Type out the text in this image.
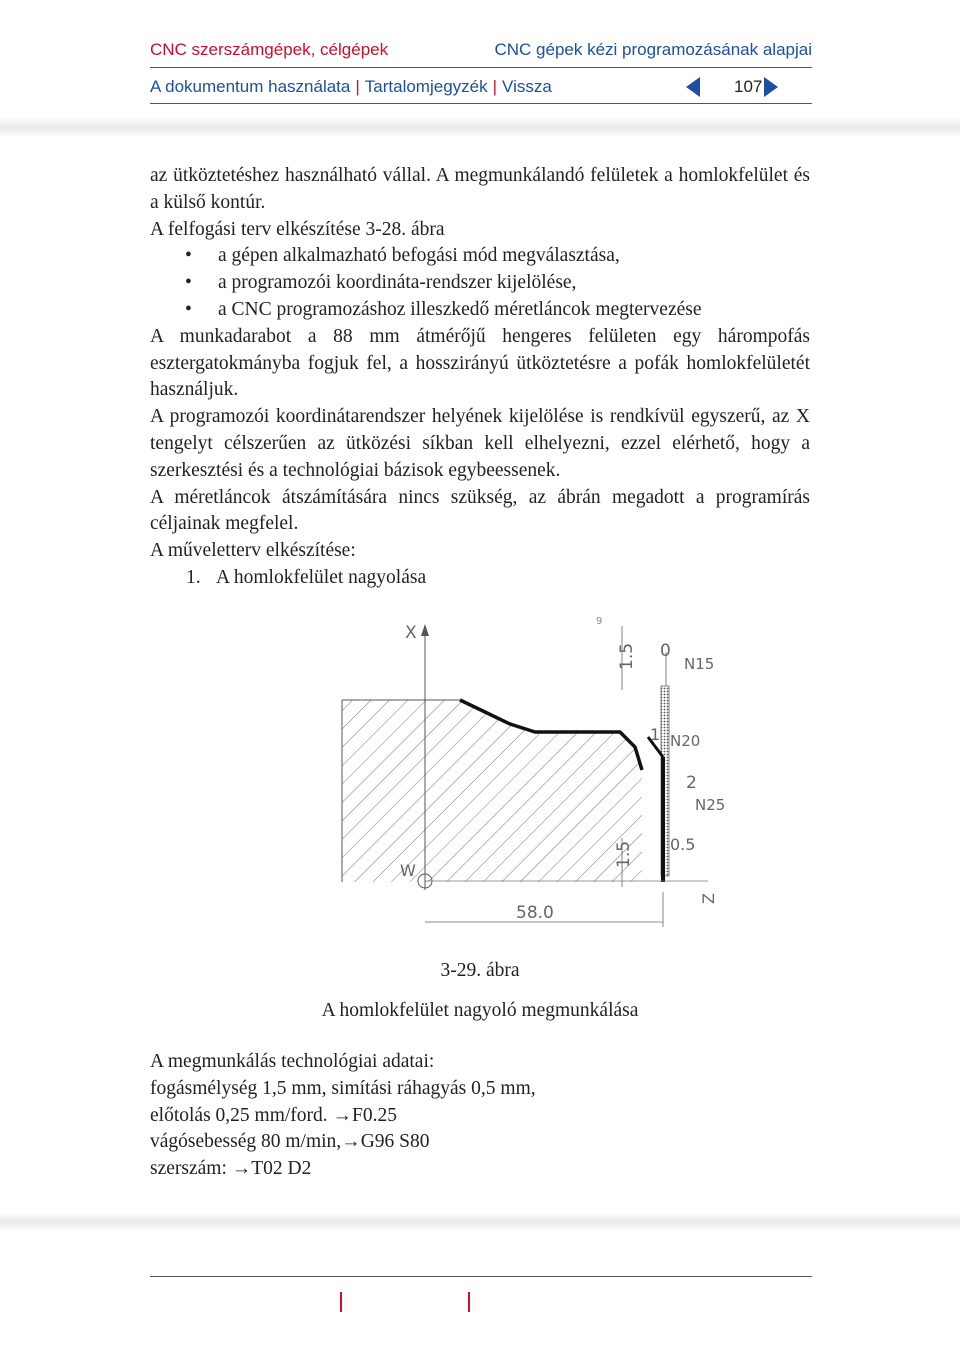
CNC szerszámgépek, célgépek	CNC gépek kézi programozásának alapjai
A dokumentum használata | Tartalomjegyzék | Vissza	107

az ütköztetéshez használható vállal. A megmunkálandó felületek a homlokfelület és a külső kontúr.

A felfogási terv elkészítése 3-28. ábra

• a gépen alkalmazható befogási mód megválasztása,
• a programozói koordináta-rendszer kijelölése,
• a CNC programozáshoz illeszkedő méretláncok megtervezése

A munkadarabot a 88 mm átmérőjű hengeres felületen egy hárompofás esztergatokmányba fogjuk fel, a hosszirányú ütköztetésre a pofák homlokfelületét használjuk.

A programozói koordinátarendszer helyének kijelölése is rendkívül egyszerű, az X tengelyt célszerűen az ütközési síkban kell elhelyezni, ezzel elérhető, hogy a szerkesztési és a technológiai bázisok egybeessenek.

A méretláncok átszámítására nincs szükség, az ábrán megadott a programírás céljainak megfelel.

A műveletterv elkészítése:

1. A homlokfelület nagyolása

X
W
Z
1.5
9
0
N15
1 N20
2
N25
1.5 0.5
58.0
3-29. ábra
A homlokfelület nagyoló megmunkálása

A megmunkálás technológiai adatai:

fogásmélység 1,5 mm, simítási ráhagyás 0,5 mm,

előtolás 0,25 mm/ford. →F0.25

vágósebesség 80 m/min,→G96 S80

szerszám: →T02 D2
